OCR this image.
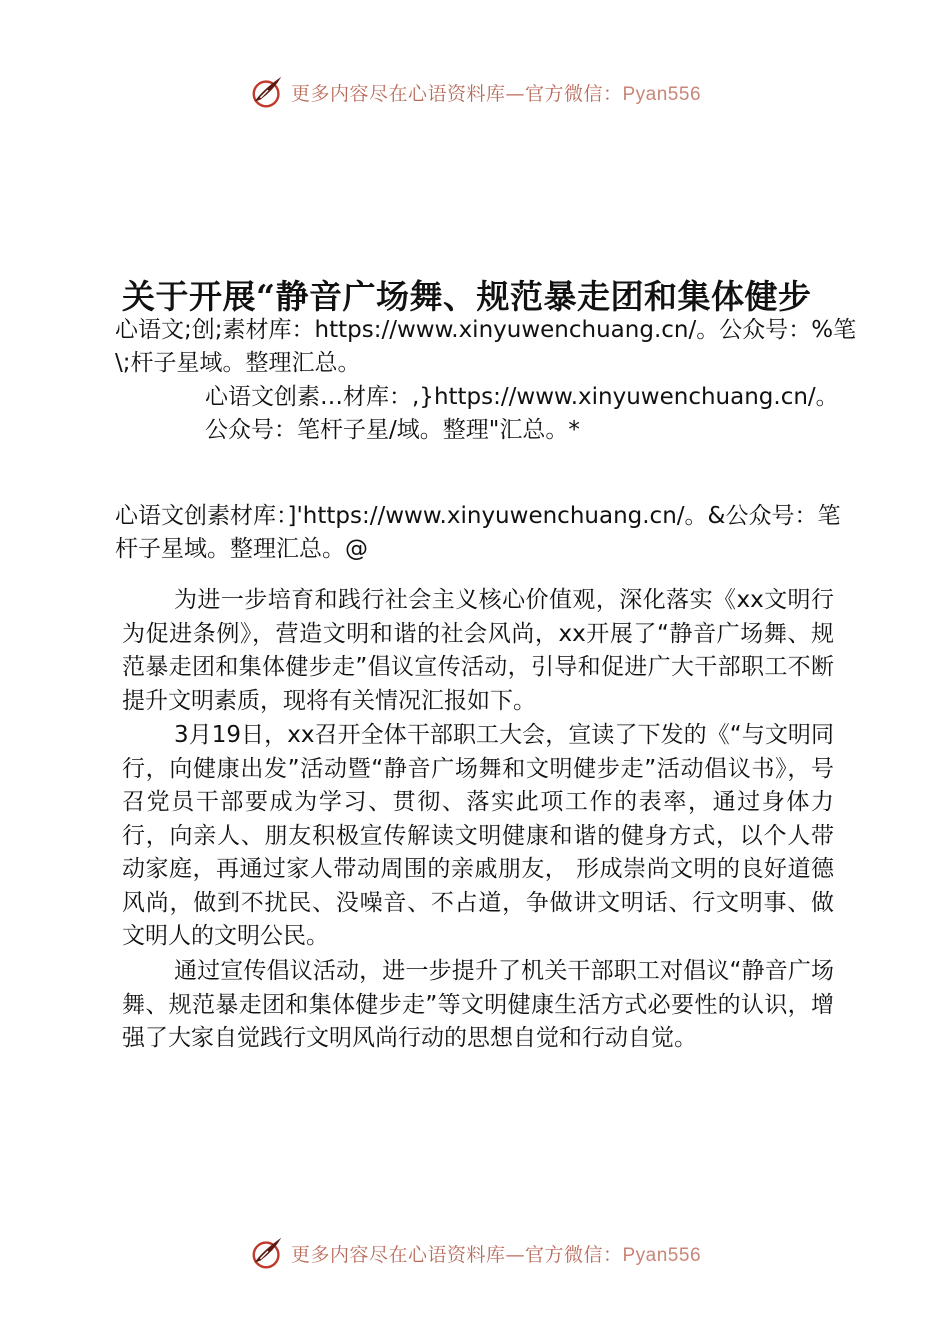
更多内容尽在心语资料库—官方微信：Pyan556
关于开展“静音广场舞、规范暴走团和集体健步
心语文;创;素材库：https://www.xinyuwenchuang.cn/。公众号：%笔\;杆子星域。整理汇总。
心语文创素…材库：,}https://www.xinyuwenchuang.cn/。公众号：笔杆子星/域。整理"汇总。*
心语文创素材库：]'https://www.xinyuwenchuang.cn/。&公众号：笔杆子星域。整理汇总。@
为进一步培育和践行社会主义核心价值观，深化落实《xx文明行为促进条例》，营造文明和谐的社会风尚，xx开展了“静音广场舞、规范暴走团和集体健步走”倡议宣传活动，引导和促进广大干部职工不断提升文明素质，现将有关情况汇报如下。
3月19日，xx召开全体干部职工大会，宣读了下发的《“与文明同行，向健康出发”活动暨“静音广场舞和文明健步走”活动倡议书》，号召党员干部要成为学习、贯彻、落实此项工作的表率，通过身体力行，向亲人、朋友积极宣传解读文明健康和谐的健身方式，以个人带动家庭，再通过家人带动周围的亲戚朋友， 形成崇尚文明的良好道德风尚，做到不扰民、没噪音、不占道，争做讲文明话、行文明事、做文明人的文明公民。
通过宣传倡议活动，进一步提升了机关干部职工对倡议“静音广场舞、规范暴走团和集体健步走”等文明健康生活方式必要性的认识，增强了大家自觉践行文明风尚行动的思想自觉和行动自觉。
更多内容尽在心语资料库—官方微信：Pyan556
